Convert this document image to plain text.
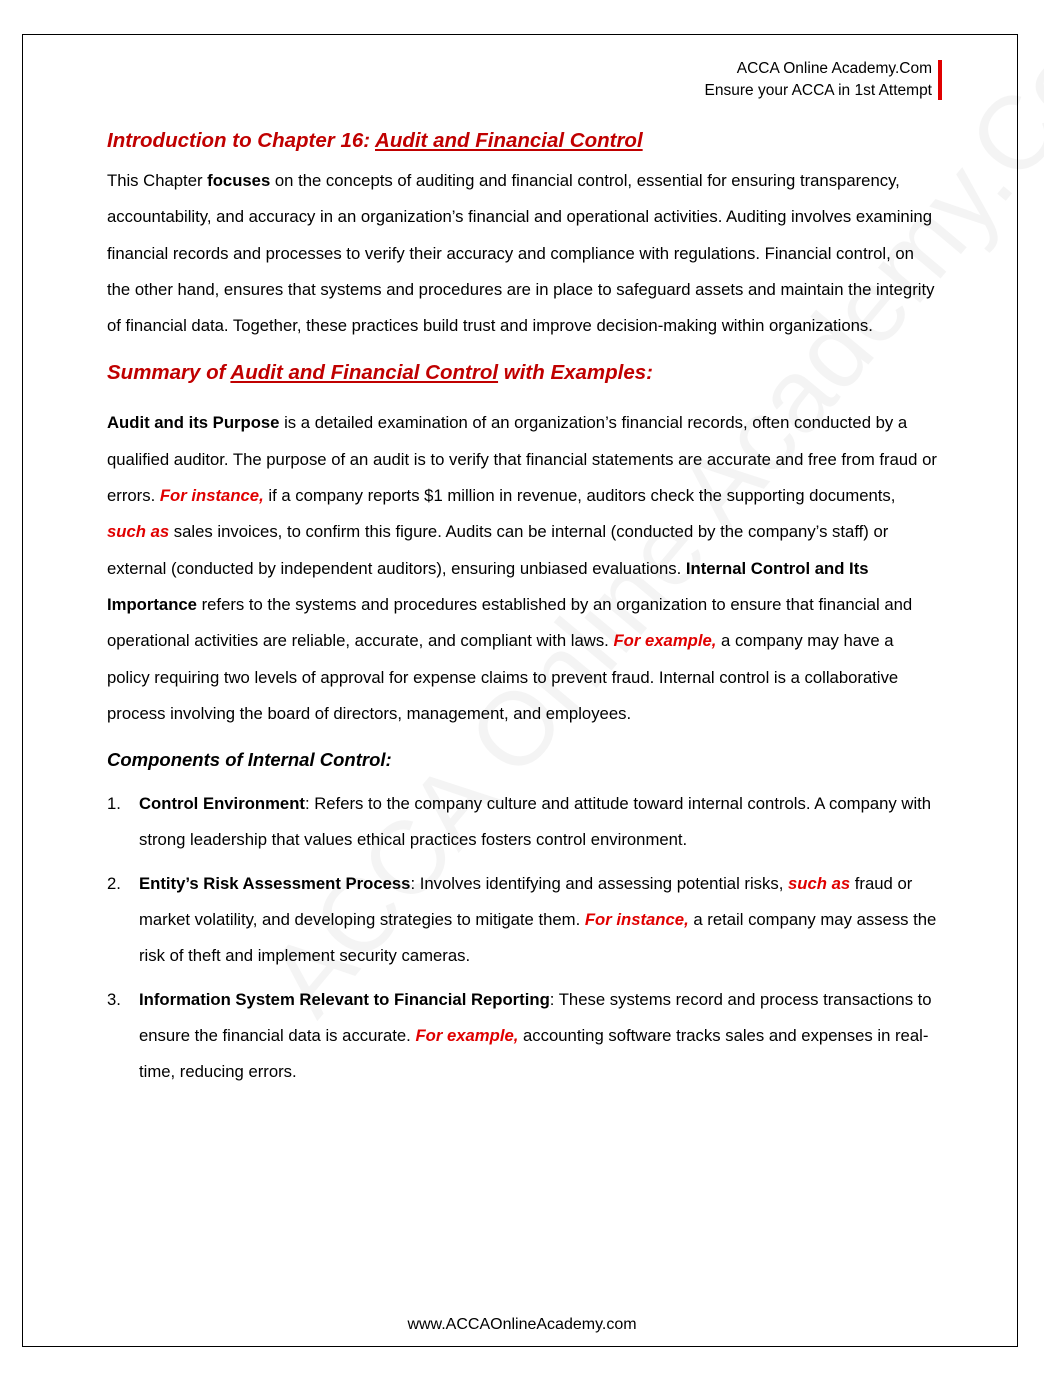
ACCA Online Academy.Com
Ensure your ACCA in 1st Attempt
Introduction to Chapter 16: Audit and Financial Control

This Chapter focuses on the concepts of auditing and financial control, essential for ensuring transparency, accountability, and accuracy in an organization’s financial and operational activities. Auditing involves examining financial records and processes to verify their accuracy and compliance with regulations. Financial control, on the other hand, ensures that systems and procedures are in place to safeguard assets and maintain the integrity of financial data. Together, these practices build trust and improve decision-making within organizations.

Summary of Audit and Financial Control with Examples:

Audit and its Purpose is a detailed examination of an organization’s financial records, often conducted by a qualified auditor. The purpose of an audit is to verify that financial statements are accurate and free from fraud or errors. For instance, if a company reports $1 million in revenue, auditors check the supporting documents, such as sales invoices, to confirm this figure. Audits can be internal (conducted by the company’s staff) or external (conducted by independent auditors), ensuring unbiased evaluations. Internal Control and Its Importance refers to the systems and procedures established by an organization to ensure that financial and operational activities are reliable, accurate, and compliant with laws. For example, a company may have a policy requiring two levels of approval for expense claims to prevent fraud. Internal control is a collaborative process involving the board of directors, management, and employees.

Components of Internal Control:
1. Control Environment: Refers to the company culture and attitude toward internal controls. A company with strong leadership that values ethical practices fosters control environment.
2. Entity’s Risk Assessment Process: Involves identifying and assessing potential risks, such as fraud or market volatility, and developing strategies to mitigate them. For instance, a retail company may assess the risk of theft and implement security cameras.
3. Information System Relevant to Financial Reporting: These systems record and process transactions to ensure the financial data is accurate. For example, accounting software tracks sales and expenses in real-time, reducing errors.
www.ACCAOnlineAcademy.com
